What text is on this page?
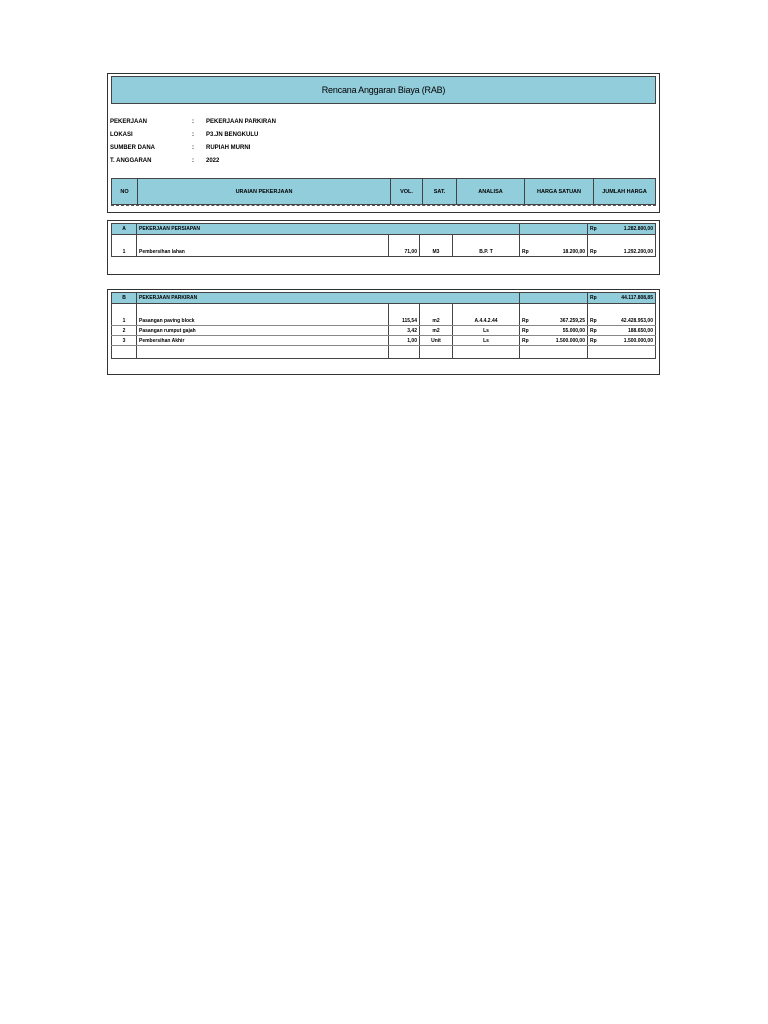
Rencana Anggaran Biaya (RAB)
PEKERJAAN	:	PEKERJAAN PARKIRAN
LOKASI	:	P3.JN BENGKULU
SUMBER DANA	:	RUPIAH MURNI
T. ANGGARAN	:	2022
NO	URAIAN PEKERJAAN	VOL.	SAT.	ANALISA	HARGA SATUAN	JUMLAH HARGA
A	PEKERJAAN PERSIAPAN					Rp 1.282.800,00

1	Pembersihan lahan	71,00	M3	B.P. T	Rp 18.200,00	Rp 1.292.200,00
B	PEKERJAAN PARKIRAN					Rp 44.117.808,85

1	Pasangan paving block	115,54	m2	A.4.4.2.44	Rp 367.259,25	Rp 42.428.953,00

2	Pasangan rumput gajah	3,42	m2	Ls	Rp 55.000,00	Rp 188.650,00

3	Pembersihan Akhir	1,00	Unit	Ls	Rp 1.500.000,00	Rp 1.500.000,00
